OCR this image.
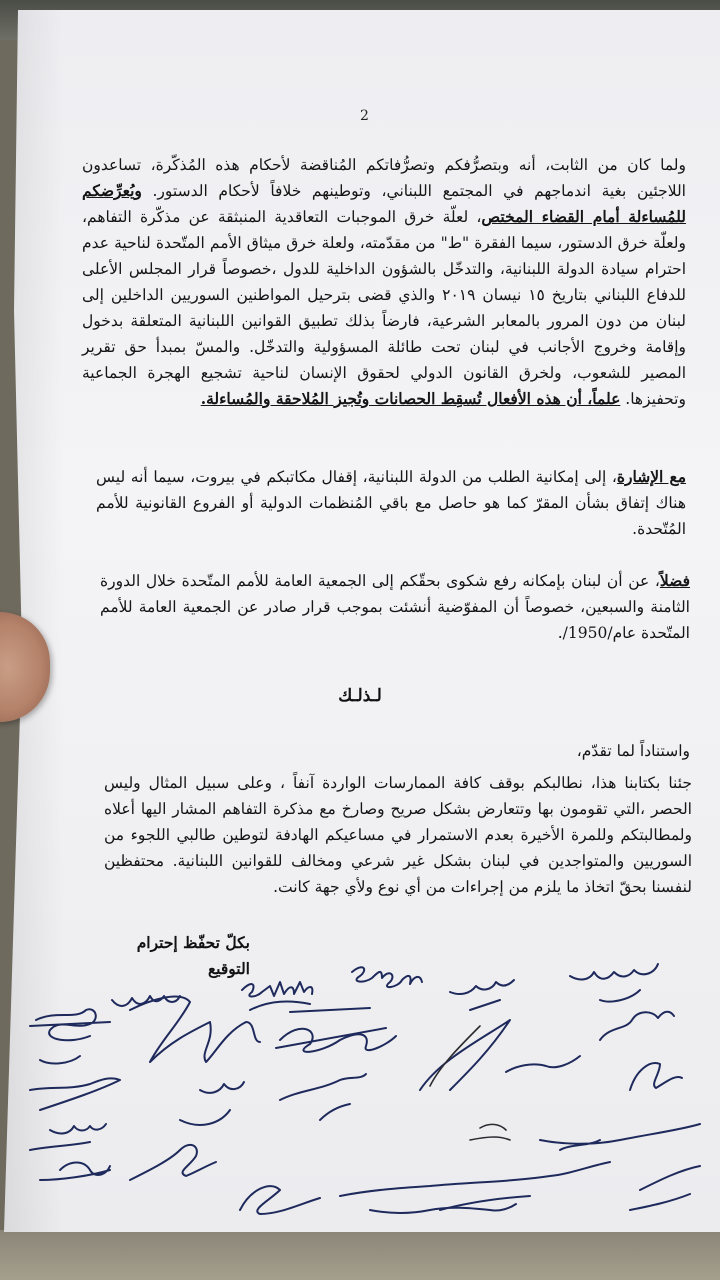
2
ولما كان من الثابت، أنه وبتصرُّفكم وتصرُّفاتكم المُناقضة لأحكام هذه المُذكّرة، تساعدون اللاجئين بغية اندماجهم في المجتمع اللبناني، وتوطينهم خلافاً لأحكام الدستور. ويُعرِّضكم للمُساءلة أمام القضاء المختص، لعلّة خرق الموجبات التعاقدية المنبثقة عن مذكّرة التفاهم، ولعلّة خرق الدستور، سيما الفقرة "ط" من مقدّمته، ولعلة خرق ميثاق الأمم المتّحدة لناحية عدم احترام سيادة الدولة اللبنانية، والتدخّل بالشؤون الداخلية للدول ،خصوصاً قرار المجلس الأعلى للدفاع اللبناني بتاريخ ١٥ نيسان ٢٠١٩ والذي قضى بترحيل المواطنين السوريين الداخلين إلى لبنان من دون المرور بالمعابر الشرعية، فارضاً بذلك تطبيق القوانين اللبنانية المتعلقة بدخول وإقامة وخروج الأجانب في لبنان تحت طائلة المسؤولية والتدخّل. والمسّ بمبدأ حق تقرير المصير للشعوب، ولخرق القانون الدولي لحقوق الإنسان لناحية تشجيع الهجرة الجماعية وتحفيزها. علماً، أن هذه الأفعال تُسقِط الحصانات وتُجيز المُلاحقة والمُساءلة.
مع الإشارة، إلى إمكانية الطلب من الدولة اللبنانية، إقفال مكاتبكم في بيروت، سيما أنه ليس هناك إتفاق بشأن المقرّ كما هو حاصل مع باقي المُنظمات الدولية أو الفروع القانونية للأمم المُتّحدة.
فضلاً، عن أن لبنان بإمكانه رفع شكوى بحقّكم إلى الجمعية العامة للأمم المتّحدة خلال الدورة الثامنة والسبعين، خصوصاً أن المفوّضية أنشئت بموجب قرار صادر عن الجمعية العامة للأمم المتّحدة عام/1950/.
لـذلـك
واستناداً لما تقدّم،
جئنا بكتابنا هذا، نطالبكم بوقف كافة الممارسات الواردة آنفاً ، وعلى سبيل المثال وليس الحصر ،التي تقومون بها وتتعارض بشكل صريح وصارخ مع مذكرة التفاهم المشار اليها أعلاه ولمطالبتكم وللمرة الأخيرة بعدم الاستمرار في مساعيكم الهادفة لتوطين طالبي اللجوء من السوريين والمتواجدين في لبنان بشكل غير شرعي ومخالف للقوانين اللبنانية. محتفظين لنفسنا بحقّ اتخاذ ما يلزم من إجراءات من أي نوع ولأي جهة كانت.
بكلّ تحفّظ إحترام
التوقيع
